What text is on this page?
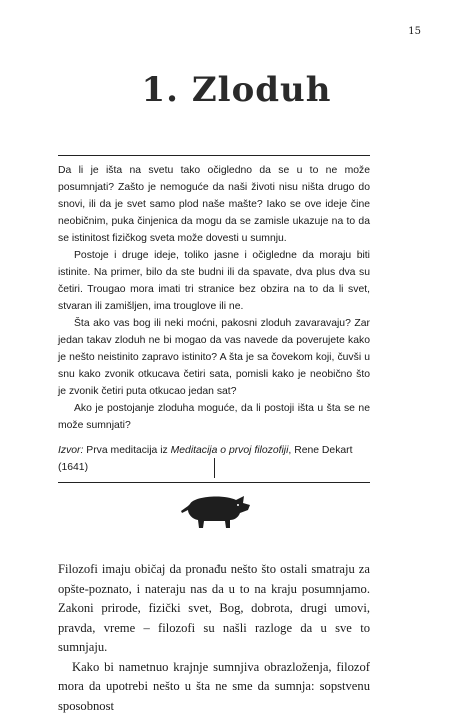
15
1. Zloduh

Da li je išta na svetu tako očigledno da se u to ne može posumnjati? Zašto je nemoguće da naši životi nisu ništa drugo do snovi, ili da je svet samo plod naše mašte? Iako se ove ideje čine neobičnim, puka činjenica da mogu da se zamisle ukazuje na to da se istinitost fizičkog sveta može dovesti u sumnju.

Postoje i druge ideje, toliko jasne i očigledne da moraju biti istinite. Na primer, bilo da ste budni ili da spavate, dva plus dva su četiri. Trougao mora imati tri stranice bez obzira na to da li svet, stvaran ili zamišljen, ima trouglove ili ne.

Šta ako vas bog ili neki moćni, pakosni zloduh zavaravaju? Zar jedan takav zloduh ne bi mogao da vas navede da poverujete kako je nešto neistinito zapravo istinito? A šta je sa čovekom koji, čuvši u snu kako zvonik otkucava četiri sata, pomisli kako je neobično što je zvonik četiri puta otkucao jedan sat?

Ako je postojanje zloduha moguće, da li postoji išta u šta se ne može sumnjati?

Izvor: Prva meditacija iz Meditacija o prvoj filozofiji, Rene Dekart (1641)

Filozofi imaju običaj da pronađu nešto što ostali smatraju za opšte-poznato, i nateraju nas da u to na kraju posumnjamo. Zakoni prirode, fizički svet, Bog, dobrota, drugi umovi, pravda, vreme – filozofi su našli razloge da u sve to sumnjaju.

Kako bi nametnuo krajnje sumnjiva obrazloženja, filozof mora da upotrebi nešto u šta ne sme da sumnja: sopstvenu sposobnost
